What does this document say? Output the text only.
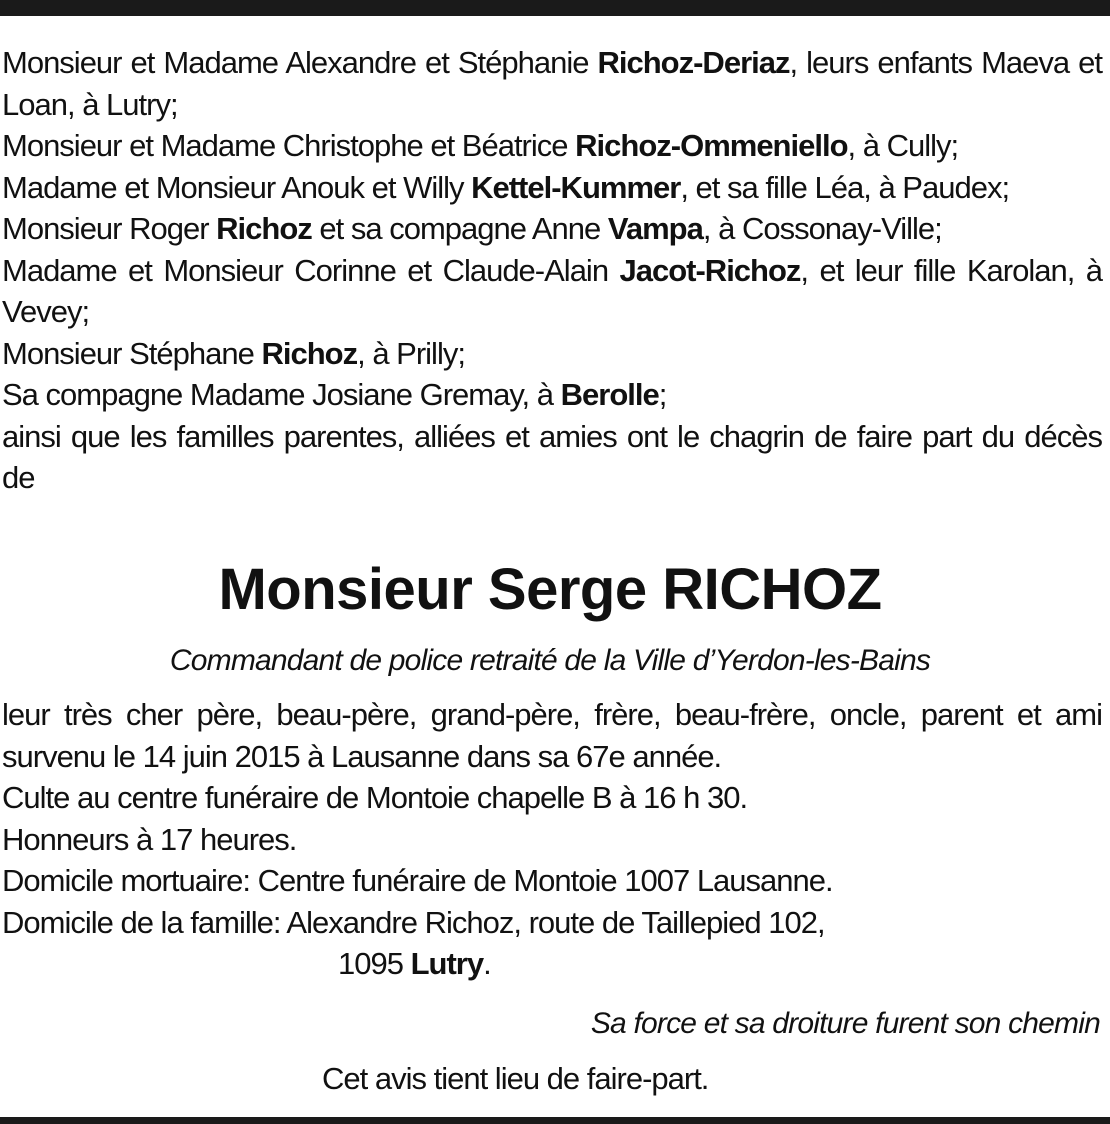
Monsieur et Madame Alexandre et Stéphanie Richoz-Deriaz, leurs enfants Maeva et Loan, à Lutry;

Monsieur et Madame Christophe et Béatrice Richoz-Ommeniello, à Cully;

Madame et Monsieur Anouk et Willy Kettel-Kummer, et sa fille Léa, à Paudex;

Monsieur Roger Richoz et sa compagne Anne Vampa, à Cossonay-Ville;

Madame et Monsieur Corinne et Claude-Alain Jacot-Richoz, et leur fille Karolan, à Vevey;

Monsieur Stéphane Richoz, à Prilly;

Sa compagne Madame Josiane Gremay, à Berolle;

ainsi que les familles parentes, alliées et amies ont le chagrin de faire part du décès de

Monsieur Serge RICHOZ
Commandant de police retraité de la Ville d’Yerdon-les-Bains

leur très cher père, beau-père, grand-père, frère, beau-frère, oncle, parent et ami survenu le 14 juin 2015 à Lausanne dans sa 67e année.

Culte au centre funéraire de Montoie chapelle B à 16 h 30.

Honneurs à 17 heures.

Domicile mortuaire: Centre funéraire de Montoie 1007 Lausanne.

Domicile de la famille: Alexandre Richoz, route de Taillepied 102,

1095 Lutry.

Sa force et sa droiture furent son chemin
Cet avis tient lieu de faire-part.
